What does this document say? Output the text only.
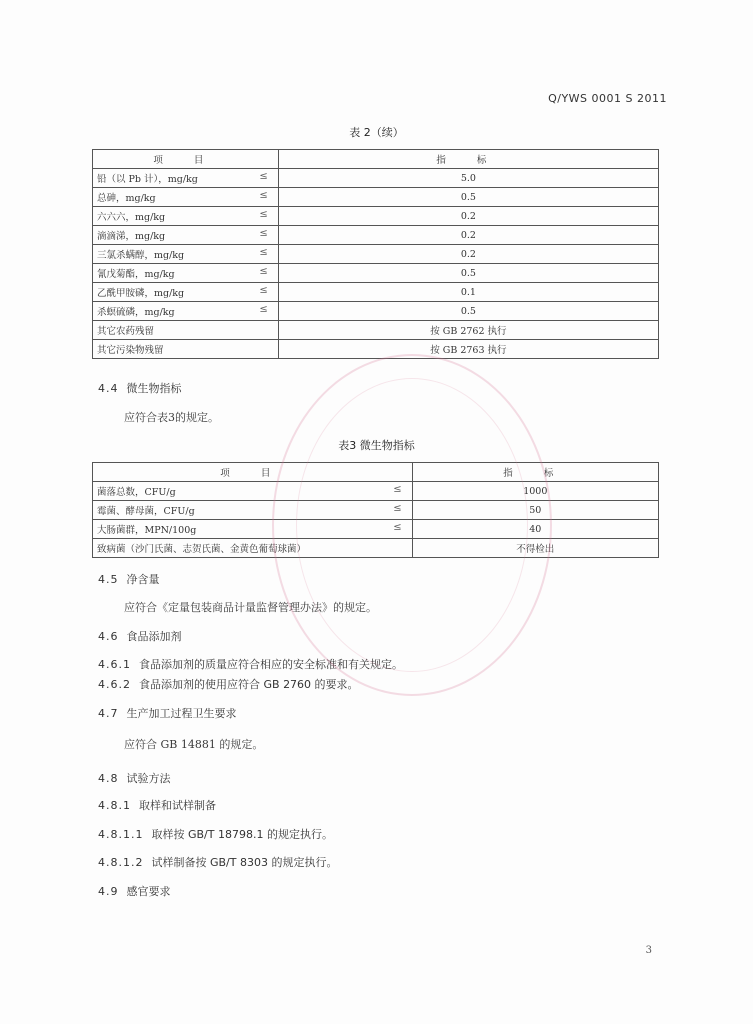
Q/YWS 0001 S 2011
表 2（续）
项 目	指 标
铅（以 Pb 计），mg/kg ≤	5.0
总砷，mg/kg ≤	0.5
六六六，mg/kg ≤	0.2
滴滴涕，mg/kg ≤	0.2
三氯杀螨醇，mg/kg ≤	0.2
氰戊菊酯，mg/kg ≤	0.5
乙酰甲胺磷，mg/kg ≤	0.1
杀螟硫磷，mg/kg ≤	0.5
其它农药残留	按 GB 2762 执行
其它污染物残留	按 GB 2763 执行
4.4 微生物指标
应符合表3的规定。
表3 微生物指标
项 目	指 标
菌落总数，CFU/g ≤	1000
霉菌、酵母菌，CFU/g ≤	50
大肠菌群，MPN/100g ≤	40
致病菌（沙门氏菌、志贺氏菌、金黄色葡萄球菌）	不得检出
4.5 净含量
应符合《定量包装商品计量监督管理办法》的规定。
4.6 食品添加剂
4.6.1 食品添加剂的质量应符合相应的安全标准和有关规定。
4.6.2 食品添加剂的使用应符合 GB 2760 的要求。
4.7 生产加工过程卫生要求
应符合 GB 14881 的规定。
4.8 试验方法
4.8.1 取样和试样制备
4.8.1.1 取样按 GB/T 18798.1 的规定执行。
4.8.1.2 试样制备按 GB/T 8303 的规定执行。
4.9 感官要求
3
